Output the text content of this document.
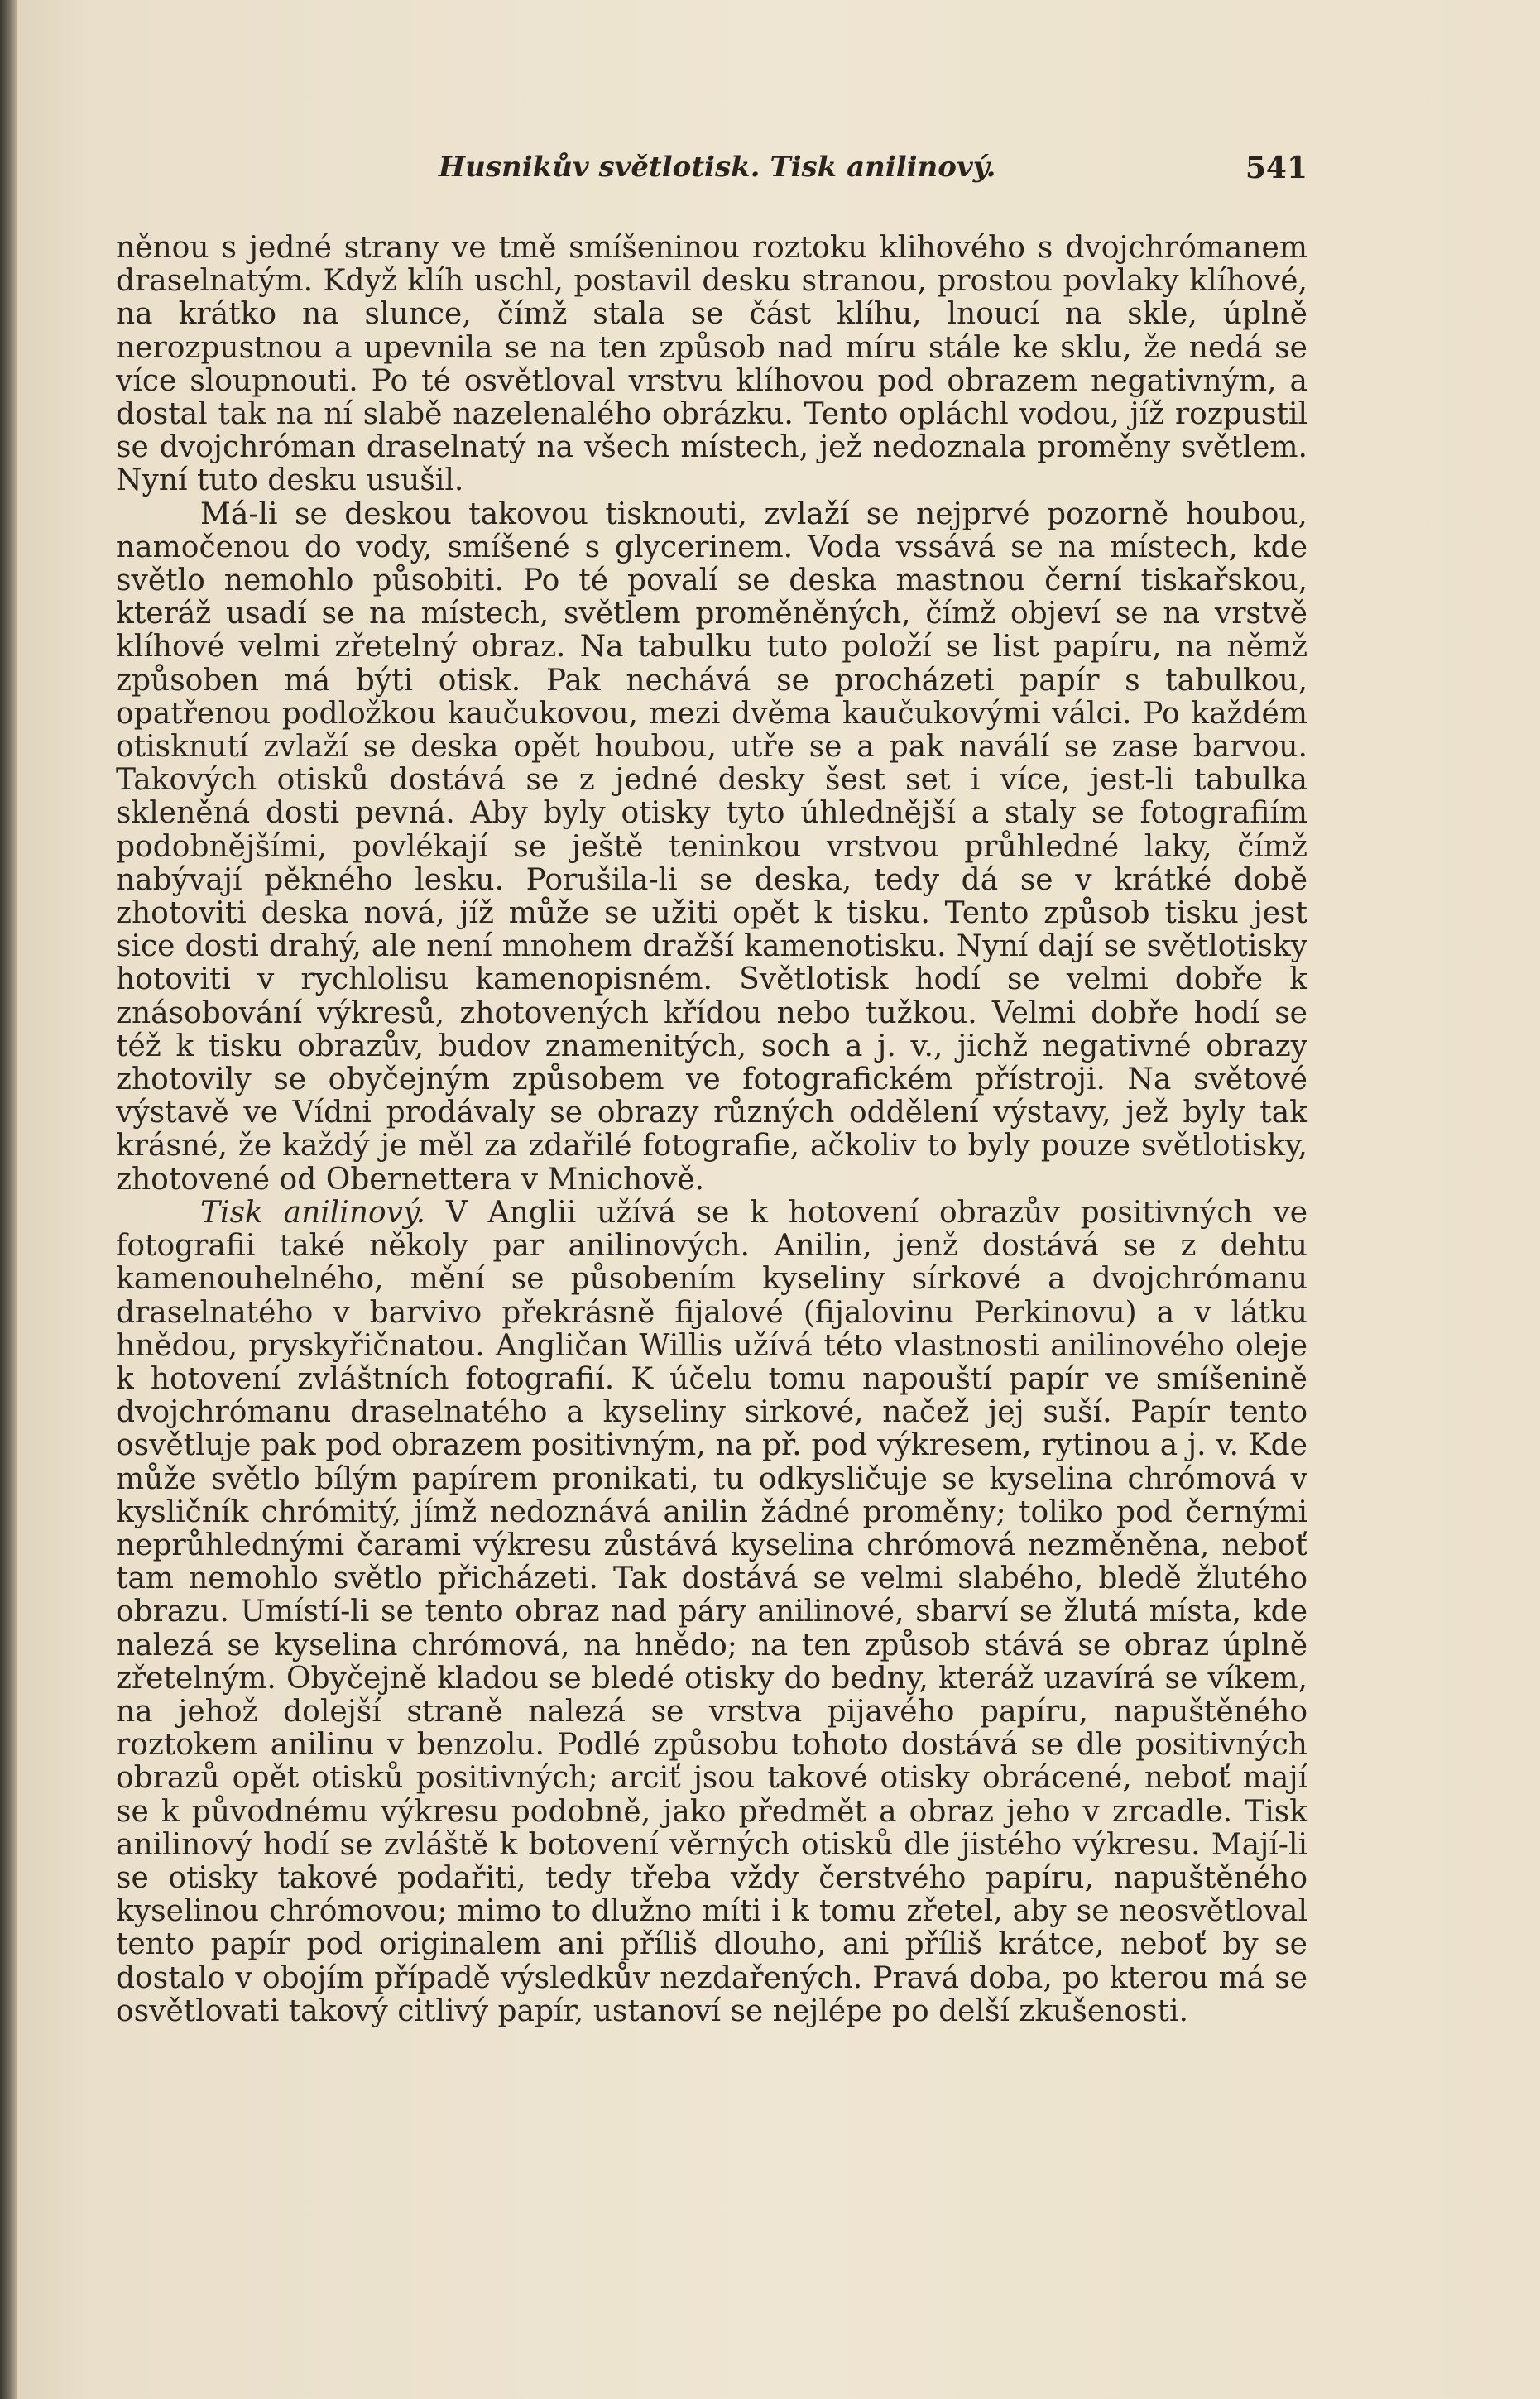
Husnikův světlotisk. Tisk anilinový.	541

něnou s jedné strany ve tmě smíšeninou roztoku klihového s dvojchrómanem draselnatým. Když klíh uschl, postavil desku stranou, prostou povlaky klíhové, na krátko na slunce, čímž stala se část klíhu, lnoucí na skle, úplně nerozpustnou a upevnila se na ten způsob nad míru stále ke sklu, že nedá se více sloupnouti. Po té osvětloval vrstvu klíhovou pod obrazem negativným, a dostal tak na ní slabě nazelenalého obrázku. Tento opláchl vodou, jíž rozpustil se dvojchróman draselnatý na všech místech, jež nedoznala proměny světlem. Nyní tuto desku usušil.

Má-li se deskou takovou tisknouti, zvlaží se nejprvé pozorně houbou, namočenou do vody, smíšené s glycerinem. Voda vssává se na místech, kde světlo nemohlo působiti. Po té povalí se deska mastnou černí tiskařskou, kteráž usadí se na místech, světlem proměněných, čímž objeví se na vrstvě klíhové velmi zřetelný obraz. Na tabulku tuto položí se list papíru, na němž způsoben má býti otisk. Pak nechává se procházeti papír s tabulkou, opatřenou podložkou kaučukovou, mezi dvěma kaučukovými válci. Po každém otisknutí zvlaží se deska opět houbou, utře se a pak naválí se zase barvou. Takových otisků dostává se z jedné desky šest set i více, jest-li tabulka skleněná dosti pevná. Aby byly otisky tyto úhlednější a staly se fotografiím podobnějšími, povlékají se ještě teninkou vrstvou průhledné laky, čímž nabývají pěkného lesku. Porušila-li se deska, tedy dá se v krátké době zhotoviti deska nová, jíž může se užiti opět k tisku. Tento způsob tisku jest sice dosti drahý, ale není mnohem dražší kamenotisku. Nyní dají se světlotisky hotoviti v rychlolisu kamenopisném. Světlotisk hodí se velmi dobře k znásobování výkresů, zhotovených křídou nebo tužkou. Velmi dobře hodí se též k tisku obrazův, budov znamenitých, soch a j. v., jichž negativné obrazy zhotovily se obyčejným způsobem ve fotografickém přístroji. Na světové výstavě ve Vídni prodávaly se obrazy různých oddělení výstavy, jež byly tak krásné, že každý je měl za zdařilé fotografie, ačkoliv to byly pouze světlotisky, zhotovené od Obernettera v Mnichově.

Tisk anilinový. V Anglii užívá se k hotovení obrazův positivných ve fotografii také několy par anilinových. Anilin, jenž dostává se z dehtu kamenouhelného, mění se působením kyseliny sírkové a dvojchrómanu draselnatého v barvivo překrásně fijalové (fijalovinu Perkinovu) a v látku hnědou, pryskyřičnatou. Angličan Willis užívá této vlastnosti anilinového oleje k hotovení zvláštních fotografií. K účelu tomu napouští papír ve smíšenině dvojchrómanu draselnatého a kyseliny sirkové, načež jej suší. Papír tento osvětluje pak pod obrazem positivným, na př. pod výkresem, rytinou a j. v. Kde může světlo bílým papírem pronikati, tu odkysličuje se kyselina chrómová v kysličník chrómitý, jímž nedoznává anilin žádné proměny; toliko pod černými neprůhlednými čarami výkresu zůstává kyselina chrómová nezměněna, neboť tam nemohlo světlo přicházeti. Tak dostává se velmi slabého, bledě žlutého obrazu. Umístí-li se tento obraz nad páry anilinové, sbarví se žlutá místa, kde nalezá se kyselina chrómová, na hnědo; na ten způsob stává se obraz úplně zřetelným. Obyčejně kladou se bledé otisky do bedny, kteráž uzavírá se víkem, na jehož dolejší straně nalezá se vrstva pijavého papíru, napuštěného roztokem anilinu v benzolu. Podlé způsobu tohoto dostává se dle positivných obrazů opět otisků positivných; arciť jsou takové otisky obrácené, neboť mají se k původnému výkresu podobně, jako předmět a obraz jeho v zrcadle. Tisk anilinový hodí se zvláště k botovení věrných otisků dle jistého výkresu. Mají-li se otisky takové podařiti, tedy třeba vždy čerstvého papíru, napuštěného kyselinou chrómovou; mimo to dlužno míti i k tomu zřetel, aby se neosvětloval tento papír pod originalem ani příliš dlouho, ani příliš krátce, neboť by se dostalo v obojím případě výsledkův nezdařených. Pravá doba, po kterou má se osvětlovati takový citlivý papír, ustanoví se nejlépe po delší zkušenosti.
